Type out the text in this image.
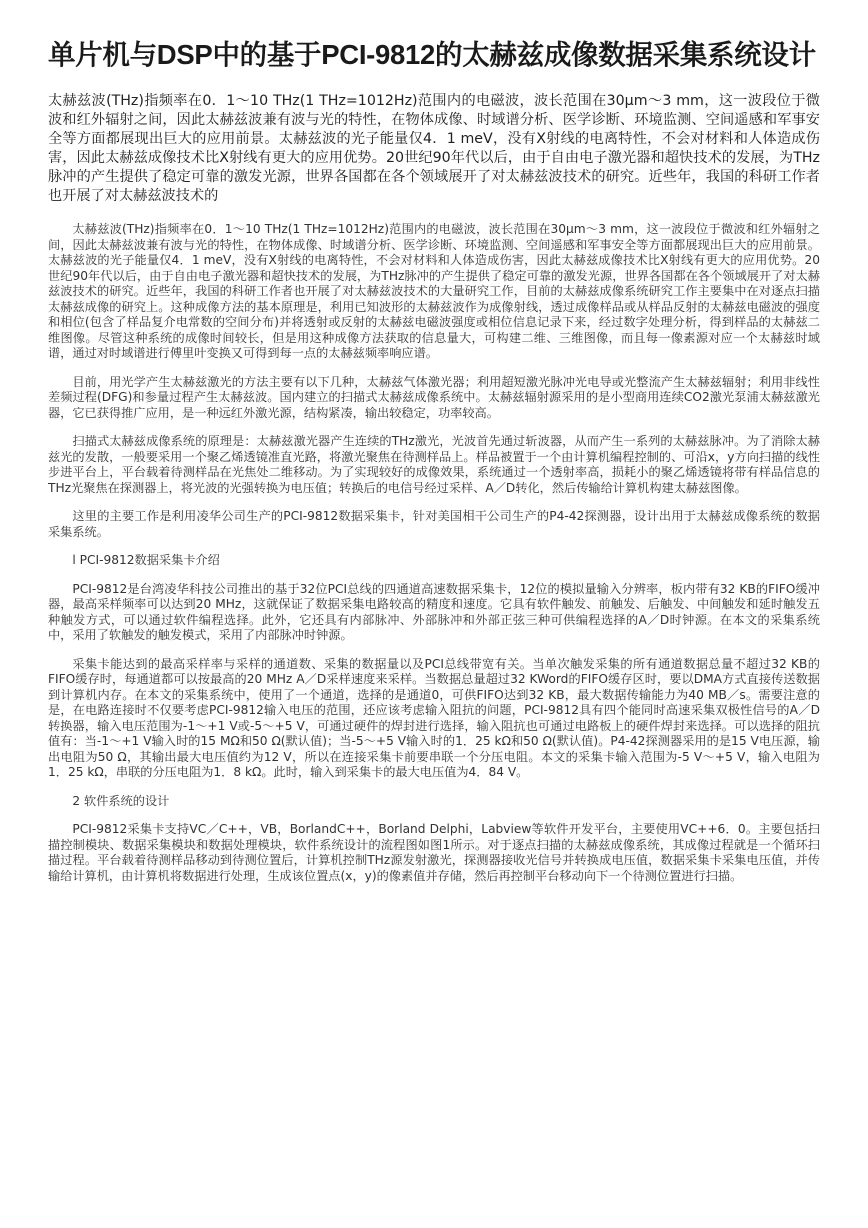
单片机与DSP中的基于PCI-9812的太赫兹成像数据采集系统设计

太赫兹波(THz)指频率在0．1～10 THz(1 THz=1012Hz)范围内的电磁波，波长范围在30μm～3 mm，这一波段位于微波和红外辐射之间，因此太赫兹波兼有波与光的特性，在物体成像、时域谱分析、医学诊断、环境监测、空间遥感和军事安全等方面都展现出巨大的应用前景。太赫兹波的光子能量仅4．1 meV，没有X射线的电离特性，不会对材料和人体造成伤害，因此太赫兹成像技术比X射线有更大的应用优势。20世纪90年代以后，由于自由电子激光器和超快技术的发展，为THz脉冲的产生提供了稳定可靠的激发光源，世界各国都在各个领域展开了对太赫兹波技术的研究。近些年，我国的科研工作者也开展了对太赫兹波技术的

太赫兹波(THz)指频率在0．1～10 THz(1 THz=1012Hz)范围内的电磁波，波长范围在30μm～3 mm，这一波段位于微波和红外辐射之间，因此太赫兹波兼有波与光的特性，在物体成像、时域谱分析、医学诊断、环境监测、空间遥感和军事安全等方面都展现出巨大的应用前景。太赫兹波的光子能量仅4．1 meV，没有X射线的电离特性，不会对材料和人体造成伤害，因此太赫兹成像技术比X射线有更大的应用优势。20世纪90年代以后，由于自由电子激光器和超快技术的发展，为THz脉冲的产生提供了稳定可靠的激发光源，世界各国都在各个领域展开了对太赫兹波技术的研究。近些年，我国的科研工作者也开展了对太赫兹波技术的大量研究工作，目前的太赫兹成像系统研究工作主要集中在对逐点扫描太赫兹成像的研究上。这种成像方法的基本原理是，利用已知波形的太赫兹波作为成像射线，透过成像样品或从样品反射的太赫兹电磁波的强度和相位(包含了样品复介电常数的空间分布)并将透射或反射的太赫兹电磁波强度或相位信息记录下来，经过数字处理分析，得到样品的太赫兹二维图像。尽管这种系统的成像时间较长，但是用这种成像方法获取的信息量大，可构建二维、三维图像，而且每一像素源对应一个太赫兹时域谱，通过对时域谱进行傅里叶变换又可得到每一点的太赫兹频率响应谱。

目前，用光学产生太赫兹激光的方法主要有以下几种，太赫兹气体激光器；利用超短激光脉冲光电导或光整流产生太赫兹辐射；利用非线性差频过程(DFG)和参量过程产生太赫兹波。国内建立的扫描式太赫兹成像系统中。太赫兹辐射源采用的是小型商用连续CO2激光泵浦太赫兹激光器，它已获得推广应用，是一种远红外激光源，结构紧凑，输出较稳定，功率较高。

扫描式太赫兹成像系统的原理是：太赫兹激光器产生连续的THz激光，光波首先通过斩波器，从而产生一系列的太赫兹脉冲。为了消除太赫兹光的发散，一般要采用一个聚乙烯透镜准直光路，将激光聚焦在待测样品上。样品被置于一个由计算机编程控制的、可沿x，y方向扫描的线性步进平台上，平台载着待测样品在光焦处二维移动。为了实现较好的成像效果，系统通过一个透射率高，损耗小的聚乙烯透镜将带有样品信息的THz光聚焦在探测器上，将光波的光强转换为电压值；转换后的电信号经过采样、A／D转化，然后传输给计算机构建太赫兹图像。

这里的主要工作是利用凌华公司生产的PCI-9812数据采集卡，针对美国相干公司生产的P4-42探测器，设计出用于太赫兹成像系统的数据采集系统。

l PCI-9812数据采集卡介绍

PCI-9812是台湾凌华科技公司推出的基于32位PCI总线的四通道高速数据采集卡，12位的模拟量输入分辨率，板内带有32 KB的FIFO缓冲器，最高采样频率可以达到20 MHz，这就保证了数据采集电路较高的精度和速度。它具有软件触发、前触发、后触发、中间触发和延时触发五种触发方式，可以通过软件编程选择。此外，它还具有内部脉冲、外部脉冲和外部正弦三种可供编程选择的A／D时钟源。在本文的采集系统中，采用了软触发的触发模式，采用了内部脉冲时钟源。

采集卡能达到的最高采样率与采样的通道数、采集的数据量以及PCI总线带宽有关。当单次触发采集的所有通道数据总量不超过32 KB的FIFO缓存时，每通道都可以按最高的20 MHz A／D采样速度来采样。当数据总量超过32 KWord的FIFO缓存区时，要以DMA方式直接传送数据到计算机内存。在本文的采集系统中，使用了一个通道，选择的是通道0，可供FIFO达到32 KB，最大数据传输能力为40 MB／s。需要注意的是，在电路连接时不仅要考虑PCI-9812输入电压的范围，还应该考虑输入阻抗的问题，PCI-9812具有四个能同时高速采集双极性信号的A／D转换器，输入电压范围为-1～+1 V或-5～+5 V，可通过硬件的焊封进行选择，输入阻抗也可通过电路板上的硬件焊封来选择。可以选择的阻抗值有：当-1～+1 V输入时的15 MΩ和50 Ω(默认值)；当-5～+5 V输入时的1．25 kΩ和50 Ω(默认值)。P4-42探测器采用的是15 V电压源，输出电阻为50 Ω，其输出最大电压值约为12 V，所以在连接采集卡前要串联一个分压电阻。本文的采集卡输入范围为-5 V～+5 V，输入电阻为1．25 kΩ，串联的分压电阻为1．8 kΩ。此时，输入到采集卡的最大电压值为4．84 V。

2 软件系统的设计

PCI-9812采集卡支持VC／C++，VB，BorlandC++，Borland Delphi，Labview等软件开发平台，主要使用VC++6．0。主要包括扫描控制模块、数据采集模块和数据处理模块，软件系统设计的流程图如图1所示。对于逐点扫描的太赫兹成像系统，其成像过程就是一个循环扫描过程。平台载着待测样品移动到待测位置后，计算机控制THz源发射激光，探测器接收光信号并转换成电压值，数据采集卡采集电压值，并传输给计算机，由计算机将数据进行处理，生成该位置点(x，y)的像素值并存储，然后再控制平台移动向下一个待测位置进行扫描。
